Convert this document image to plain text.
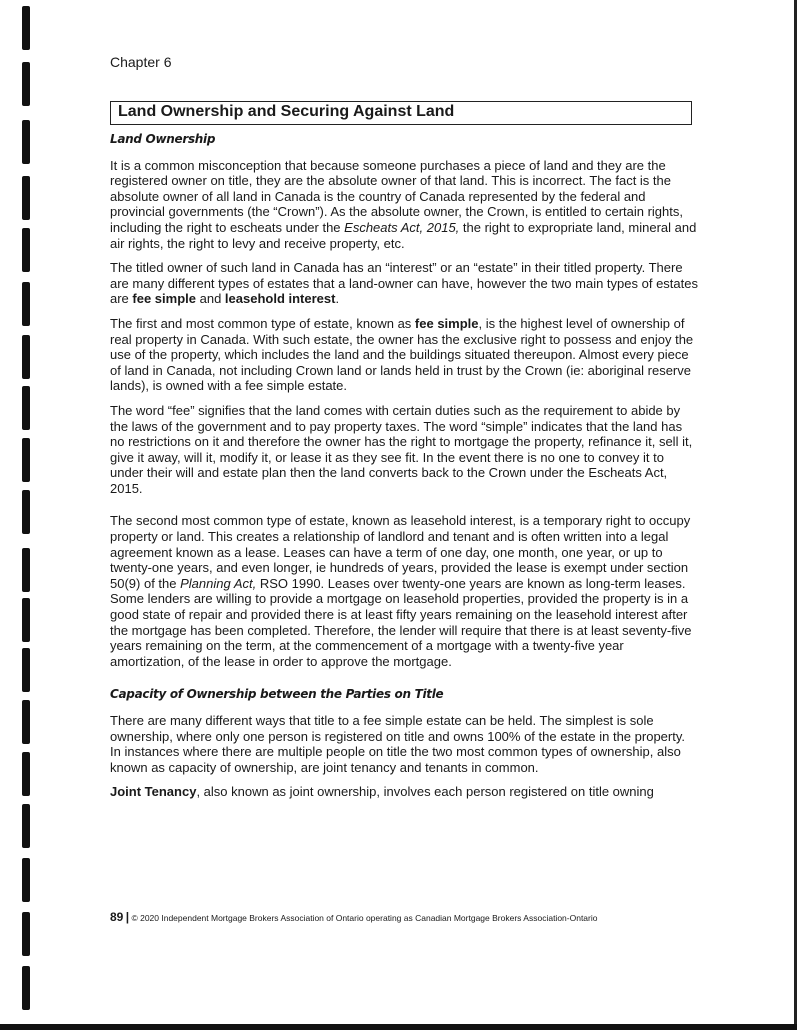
Chapter 6
Land Ownership and Securing Against Land
Land Ownership

It is a common misconception that because someone purchases a piece of land and they are the registered owner on title, they are the absolute owner of that land. This is incorrect. The fact is the absolute owner of all land in Canada is the country of Canada represented by the federal and provincial governments (the “Crown”). As the absolute owner, the Crown, is entitled to certain rights, including the right to escheats under the Escheats Act, 2015, the right to expropriate land, mineral and air rights, the right to levy and receive property, etc.

The titled owner of such land in Canada has an “interest” or an “estate” in their titled property. There are many different types of estates that a land-owner can have, however the two main types of estates are fee simple and leasehold interest.

The first and most common type of estate, known as fee simple, is the highest level of ownership of real property in Canada. With such estate, the owner has the exclusive right to possess and enjoy the use of the property, which includes the land and the buildings situated thereupon. Almost every piece of land in Canada, not including Crown land or lands held in trust by the Crown (ie: aboriginal reserve lands), is owned with a fee simple estate.

The word “fee” signifies that the land comes with certain duties such as the requirement to abide by the laws of the government and to pay property taxes. The word “simple” indicates that the land has no restrictions on it and therefore the owner has the right to mortgage the property, refinance it, sell it, give it away, will it, modify it, or lease it as they see fit. In the event there is no one to convey it to under their will and estate plan then the land converts back to the Crown under the Escheats Act, 2015.

The second most common type of estate, known as leasehold interest, is a temporary right to occupy property or land. This creates a relationship of landlord and tenant and is often written into a legal agreement known as a lease. Leases can have a term of one day, one month, one year, or up to twenty-one years, and even longer, ie hundreds of years, provided the lease is exempt under section 50(9) of the Planning Act, RSO 1990. Leases over twenty-one years are known as long-term leases. Some lenders are willing to provide a mortgage on leasehold properties, provided the property is in a good state of repair and provided there is at least fifty years remaining on the leasehold interest after the mortgage has been completed. Therefore, the lender will require that there is at least seventy-five years remaining on the term, at the commencement of a mortgage with a twenty-five year amortization, of the lease in order to approve the mortgage.

Capacity of Ownership between the Parties on Title

There are many different ways that title to a fee simple estate can be held. The simplest is sole ownership, where only one person is registered on title and owns 100% of the estate in the property. In instances where there are multiple people on title the two most common types of ownership, also known as capacity of ownership, are joint tenancy and tenants in common.

Joint Tenancy, also known as joint ownership, involves each person registered on title owning

89 | © 2020 Independent Mortgage Brokers Association of Ontario operating as Canadian Mortgage Brokers Association-Ontario
